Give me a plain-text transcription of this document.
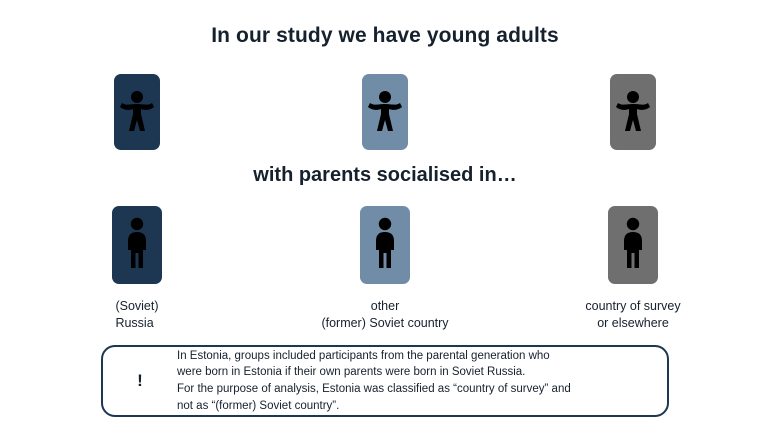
In our study we have young adults
with parents socialised in…
(Soviet)
Russia
other
(former) Soviet country
country of survey
or elsewhere
!
In Estonia, groups included participants from the parental generation who
were born in Estonia if their own parents were born in Soviet Russia.
For the purpose of analysis, Estonia was classified as “country of survey” and
not as “(former) Soviet country”.
